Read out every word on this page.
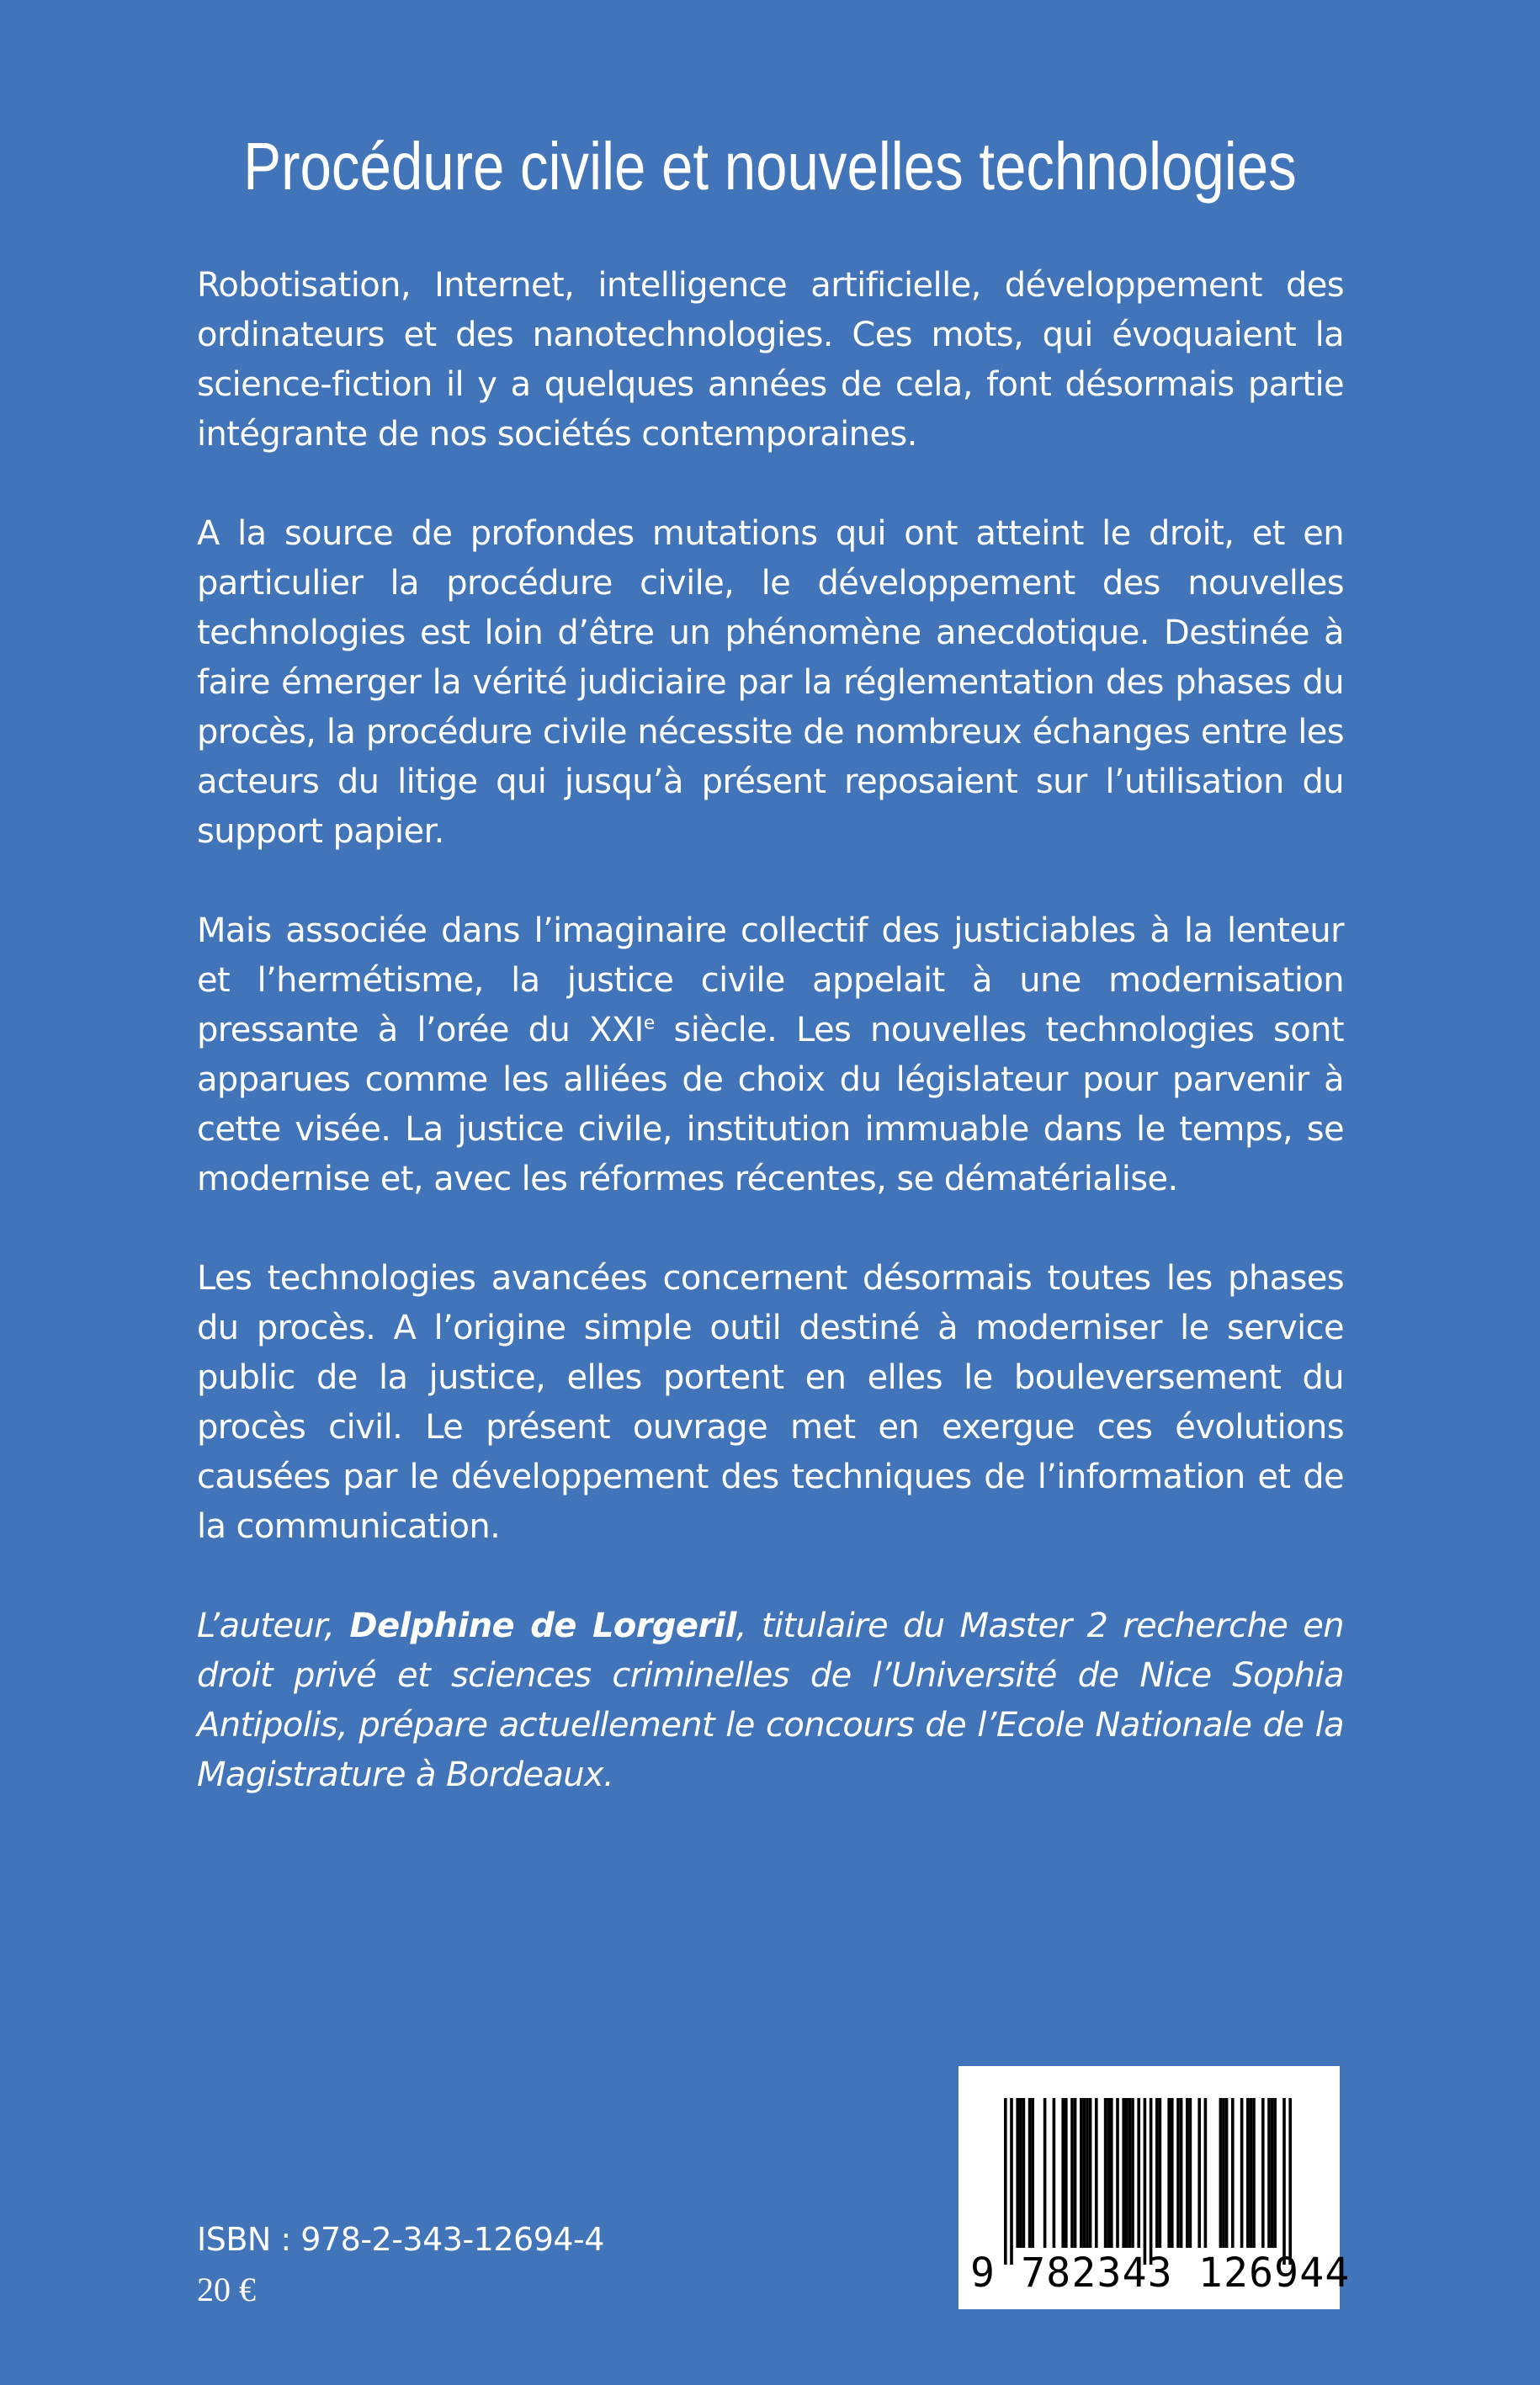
Procédure civile et nouvelles technologies

Robotisation, Internet, intelligence artificielle, développement des ordinateurs et des nanotechnologies. Ces mots, qui évoquaient la science-fiction il y a quelques années de cela, font désormais partie intégrante de nos sociétés contemporaines.

A la source de profondes mutations qui ont atteint le droit, et en particulier la procédure civile, le développement des nouvelles technologies est loin d’être un phénomène anecdotique. Destinée à faire émerger la vérité judiciaire par la réglementation des phases du procès, la procédure civile nécessite de nombreux échanges entre les acteurs du litige qui jusqu’à présent reposaient sur l’utilisation du support papier.

Mais associée dans l’imaginaire collectif des justiciables à la lenteur et l’hermétisme, la justice civile appelait à une modernisation pressante à l’orée du XXIe siècle. Les nouvelles technologies sont apparues comme les alliées de choix du législateur pour parvenir à cette visée. La justice civile, institution immuable dans le temps, se modernise et, avec les réformes récentes, se dématérialise.

Les technologies avancées concernent désormais toutes les phases du procès. A l’origine simple outil destiné à moderniser le service public de la justice, elles portent en elles le bouleversement du procès civil. Le présent ouvrage met en exergue ces évolutions causées par le développement des techniques de l’information et de la communication.

L’auteur, Delphine de Lorgeril, titulaire du Master 2 recherche en droit privé et sciences criminelles de l’Université de Nice Sophia Antipolis, prépare actuellement le concours de l’Ecole Nationale de la Magistrature à Bordeaux.

ISBN : 978-2-343-12694-4
20 €	9 782343 126944
